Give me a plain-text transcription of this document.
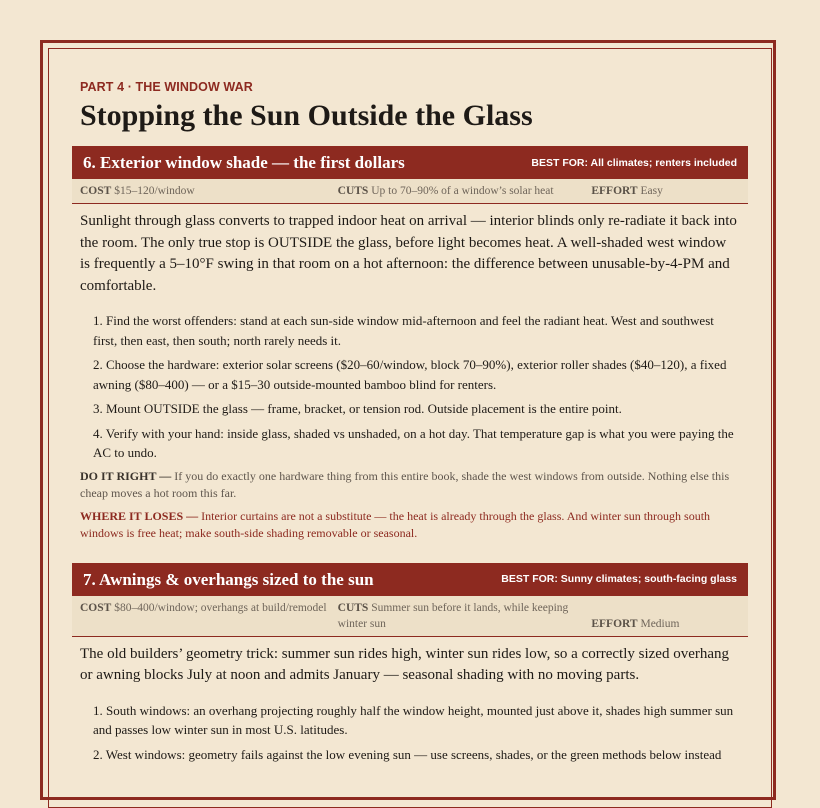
PART 4 · THE WINDOW WAR
Stopping the Sun Outside the Glass
6. Exterior window shade — the first dollars	BEST FOR: All climates; renters included
COST $15–120/window	CUTS Up to 70–90% of a window’s solar heat	EFFORT Easy

Sunlight through glass converts to trapped indoor heat on arrival — interior blinds only re-radiate it back into the room. The only true stop is OUTSIDE the glass, before light becomes heat. A well-shaded west window is frequently a 5–10°F swing in that room on a hot afternoon: the difference between unusable-by-4-PM and comfortable.

1. Find the worst offenders: stand at each sun-side window mid-afternoon and feel the radiant heat. West and southwest first, then east, then south; north rarely needs it.
2. Choose the hardware: exterior solar screens ($20–60/window, block 70–90%), exterior roller shades ($40–120), a fixed awning ($80–400) — or a $15–30 outside-mounted bamboo blind for renters.
3. Mount OUTSIDE the glass — frame, bracket, or tension rod. Outside placement is the entire point.
4. Verify with your hand: inside glass, shaded vs unshaded, on a hot day. That temperature gap is what you were paying the AC to undo.

DO IT RIGHT — If you do exactly one hardware thing from this entire book, shade the west windows from outside. Nothing else this cheap moves a hot room this far.

WHERE IT LOSES — Interior curtains are not a substitute — the heat is already through the glass. And winter sun through south windows is free heat; make south-side shading removable or seasonal.

7. Awnings & overhangs sized to the sun	BEST FOR: Sunny climates; south-facing glass
COST $80–400/window; overhangs at build/remodel CUTS Summer sun before it lands, while keeping winter sun	EFFORT Medium

The old builders’ geometry trick: summer sun rides high, winter sun rides low, so a correctly sized overhang or awning blocks July at noon and admits January — seasonal shading with no moving parts.

1. South windows: an overhang projecting roughly half the window height, mounted just above it, shades high summer sun and passes low winter sun in most U.S. latitudes.
2. West windows: geometry fails against the low evening sun — use screens, shades, or the green methods below instead
